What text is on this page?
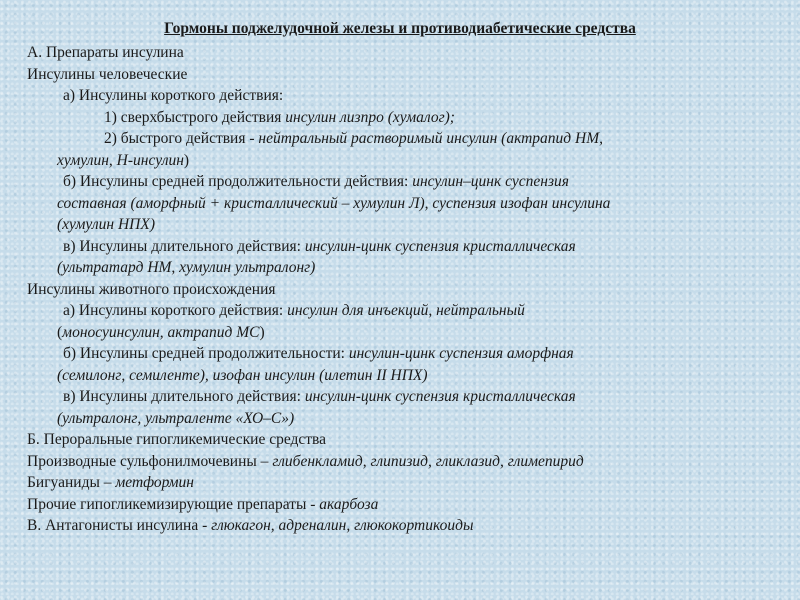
Гормоны поджелудочной железы и противодиабетические средства
А. Препараты инсулина
Инсулины человеческие
а) Инсулины короткого действия:
1) сверхбыстрого действия инсулин лизпро (хумалог);
2) быстрого действия - нейтральный растворимый инсулин (актрапид НМ,
хумулин, Н-инсулин)
б) Инсулины средней продолжительности действия: инсулин–цинк суспензия
составная (аморфный + кристаллический – хумулин Л), суспензия изофан инсулина
(хумулин НПХ)
в) Инсулины длительного действия: инсулин-цинк суспензия кристаллическая
(ультратард НМ, хумулин ультралонг)
Инсулины животного происхождения
а) Инсулины короткого действия: инсулин для инъекций, нейтральный
(моносуинсулин, актрапид МС)
б) Инсулины средней продолжительности: инсулин-цинк суспензия аморфная
(семилонг, семиленте), изофан инсулин (илетин II НПХ)
в) Инсулины длительного действия: инсулин-цинк суспензия кристаллическая
(ультралонг, ультраленте «ХО–С»)
Б. Пероральные гипогликемические средства
Производные сульфонилмочевины – глибенкламид, глипизид, гликлазид, глимепирид
Бигуаниды – метформин
Прочие гипогликемизирующие препараты - акарбоза
В. Антагонисты инсулина - глюкагон, адреналин, глюкокортикоиды
